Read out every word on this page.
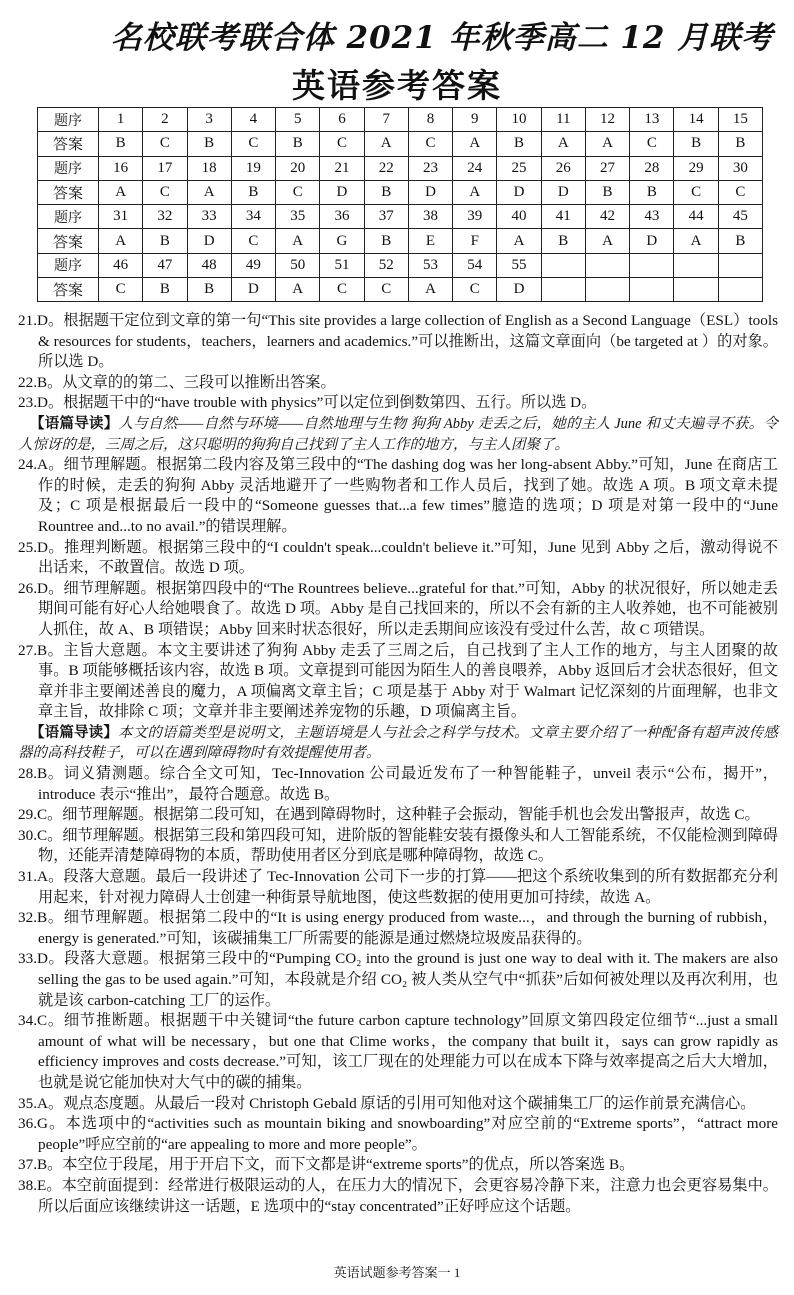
名校联考联合体 2021 年秋季高二 12 月联考
英语参考答案
题序	1	2	3	4	5	6	7	8	9	10	11	12	13	14	15
答案	B	C	B	C	B	C	A	C	A	B	A	A	C	B	B
题序	16	17	18	19	20	21	22	23	24	25	26	27	28	29	30
答案	A	C	A	B	C	D	B	D	A	D	D	B	B	C	C
题序	31	32	33	34	35	36	37	38	39	40	41	42	43	44	45
答案	A	B	D	C	A	G	B	E	F	A	B	A	D	A	B
题序	46	47	48	49	50	51	52	53	54	55					
答案	C	B	B	D	A	C	C	A	C	D					

21.D。根据题干定位到文章的第一句“This site provides a large collection of English as a Second Language（ESL）tools & resources for students，teachers，learners and academics.”可以推断出，这篇文章面向（be targeted at ）的对象。所以选 D。

22.B。从文章的的第二、三段可以推断出答案。

23.D。根据题干中的“have trouble with physics”可以定位到倒数第四、五行。所以选 D。

【语篇导读】人与自然——自然与环境——自然地理与生物 狗狗 Abby 走丢之后，她的主人 June 和丈夫遍寻不获。令人惊讶的是，三周之后，这只聪明的狗狗自己找到了主人工作的地方，与主人团聚了。

24.A。细节理解题。根据第二段内容及第三段中的“The dashing dog was her long-absent Abby.”可知，June 在商店工作的时候，走丢的狗狗 Abby 灵活地避开了一些购物者和工作人员后，找到了她。故选 A 项。B 项文章未提及；C 项是根据最后一段中的“Someone guesses that...a few times”臆造的选项；D 项是对第一段中的“June Rountree and...to no avail.”的错误理解。

25.D。推理判断题。根据第三段中的“I couldn't speak...couldn't believe it.”可知，June 见到 Abby 之后，激动得说不出话来，不敢置信。故选 D 项。

26.D。细节理解题。根据第四段中的“The Rountrees believe...grateful for that.”可知，Abby 的状况很好，所以她走丢期间可能有好心人给她喂食了。故选 D 项。Abby 是自己找回来的，所以不会有新的主人收养她，也不可能被别人抓住，故 A、B 项错误；Abby 回来时状态很好，所以走丢期间应该没有受过什么苦，故 C 项错误。

27.B。主旨大意题。本文主要讲述了狗狗 Abby 走丢了三周之后，自己找到了主人工作的地方，与主人团聚的故事。B 项能够概括该内容，故选 B 项。文章提到可能因为陌生人的善良喂养，Abby 返回后才会状态很好，但文章并非主要阐述善良的魔力，A 项偏离文章主旨；C 项是基于 Abby 对于 Walmart 记忆深刻的片面理解，也非文章主旨，故排除 C 项；文章并非主要阐述养宠物的乐趣，D 项偏离主旨。

【语篇导读】本文的语篇类型是说明文，主题语境是人与社会之科学与技术。文章主要介绍了一种配备有超声波传感器的高科技鞋子，可以在遇到障碍物时有效提醒使用者。

28.B。词义猜测题。综合全文可知，Tec-Innovation 公司最近发布了一种智能鞋子，unveil 表示“公布，揭开”，introduce 表示“推出”，最符合题意。故选 B。

29.C。细节理解题。根据第二段可知，在遇到障碍物时，这种鞋子会振动，智能手机也会发出警报声，故选 C。

30.C。细节理解题。根据第三段和第四段可知，进阶版的智能鞋安装有摄像头和人工智能系统，不仅能检测到障碍物，还能弄清楚障碍物的本质，帮助使用者区分到底是哪种障碍物，故选 C。

31.A。段落大意题。最后一段讲述了 Tec-Innovation 公司下一步的打算——把这个系统收集到的所有数据都充分利用起来，针对视力障碍人士创建一种街景导航地图，使这些数据的使用更加可持续，故选 A。

32.B。细节理解题。根据第二段中的“It is using energy produced from waste...，and through the burning of rubbish，energy is generated.”可知，该碳捕集工厂所需要的能源是通过燃烧垃圾废品获得的。

33.D。段落大意题。根据第三段中的“Pumping CO₂ into the ground is just one way to deal with it. The makers are also selling the gas to be used again.”可知，本段就是介绍 CO₂ 被人类从空气中“抓获”后如何被处理以及再次利用，也就是该 carbon-catching 工厂的运作。

34.C。细节推断题。根据题干中关键词“the future carbon capture technology”回原文第四段定位细节“...just a small amount of what will be necessary，but one that Clime works，the company that built it，says can grow rapidly as efficiency improves and costs decrease.”可知，该工厂现在的处理能力可以在成本下降与效率提高之后大大增加，也就是说它能加快对大气中的碳的捕集。

35.A。观点态度题。从最后一段对 Christoph Gebald 原话的引用可知他对这个碳捕集工厂的运作前景充满信心。

36.G。本选项中的“activities such as mountain biking and snowboarding”对应空前的“Extreme sports”，“attract more people”呼应空前的“are appealing to more and more people”。

37.B。本空位于段尾，用于开启下文，而下文都是讲“extreme sports”的优点，所以答案选 B。

38.E。本空前面提到：经常进行极限运动的人，在压力大的情况下，会更容易冷静下来，注意力也会更容易集中。所以后面应该继续讲这一话题，E 选项中的“stay concentrated”正好呼应这个话题。

英语试题参考答案一 1
